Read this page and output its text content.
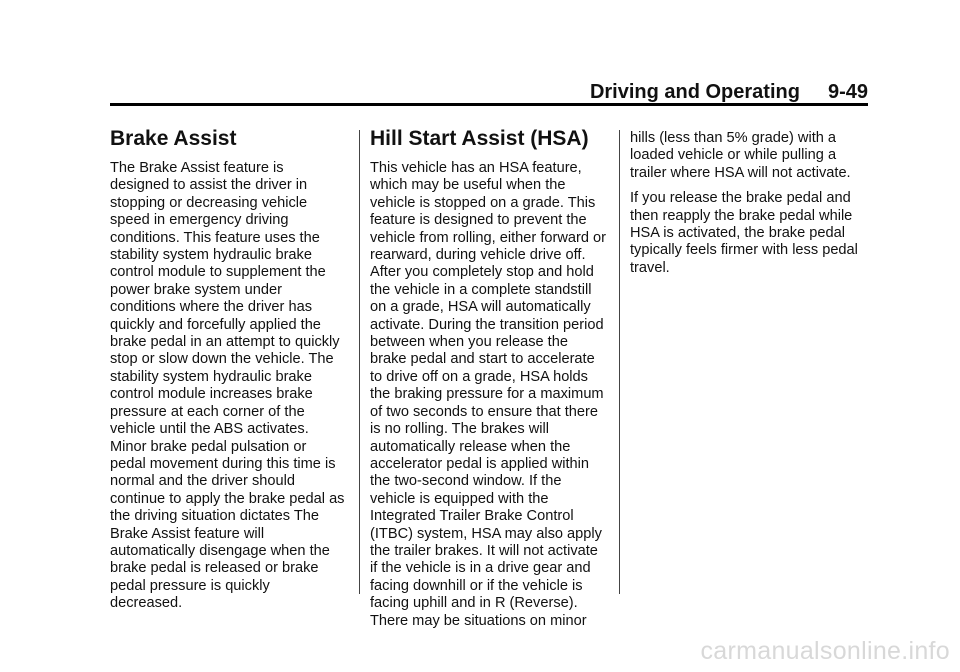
Driving and Operating 9-49
Brake Assist

The Brake Assist feature is
designed to assist the driver in
stopping or decreasing vehicle
speed in emergency driving
conditions. This feature uses the
stability system hydraulic brake
control module to supplement the
power brake system under
conditions where the driver has
quickly and forcefully applied the
brake pedal in an attempt to quickly
stop or slow down the vehicle. The
stability system hydraulic brake
control module increases brake
pressure at each corner of the
vehicle until the ABS activates.
Minor brake pedal pulsation or
pedal movement during this time is
normal and the driver should
continue to apply the brake pedal as
the driving situation dictates The
Brake Assist feature will
automatically disengage when the
brake pedal is released or brake
pedal pressure is quickly
decreased.

Hill Start Assist (HSA)

This vehicle has an HSA feature,
which may be useful when the
vehicle is stopped on a grade. This
feature is designed to prevent the
vehicle from rolling, either forward or
rearward, during vehicle drive off.
After you completely stop and hold
the vehicle in a complete standstill
on a grade, HSA will automatically
activate. During the transition period
between when you release the
brake pedal and start to accelerate
to drive off on a grade, HSA holds
the braking pressure for a maximum
of two seconds to ensure that there
is no rolling. The brakes will
automatically release when the
accelerator pedal is applied within
the two-second window. If the
vehicle is equipped with the
Integrated Trailer Brake Control
(ITBC) system, HSA may also apply
the trailer brakes. It will not activate
if the vehicle is in a drive gear and
facing downhill or if the vehicle is
facing uphill and in R (Reverse).
There may be situations on minor

hills (less than 5% grade) with a
loaded vehicle or while pulling a
trailer where HSA will not activate.

If you release the brake pedal and
then reapply the brake pedal while
HSA is activated, the brake pedal
typically feels firmer with less pedal
travel.

carmanualsonline.info
